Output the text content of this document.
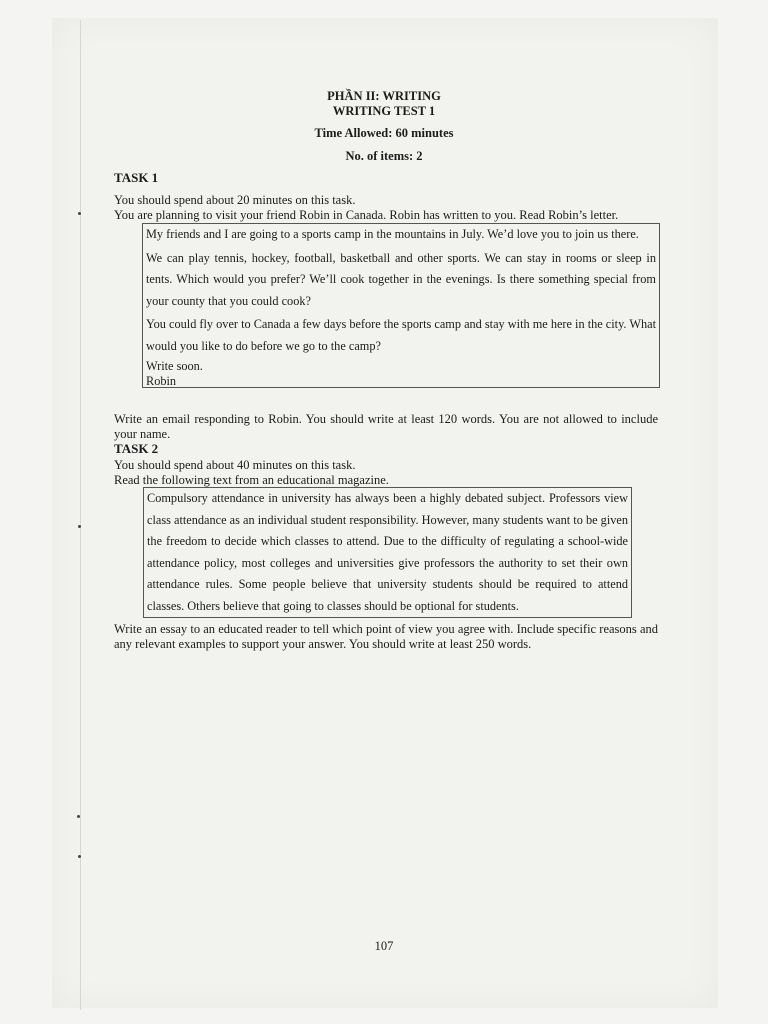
PHẦN II: WRITING
WRITING TEST 1
Time Allowed: 60 minutes
No. of items: 2
TASK 1
You should spend about 20 minutes on this task.
You are planning to visit your friend Robin in Canada. Robin has written to you. Read Robin’s letter.

My friends and I are going to a sports camp in the mountains in July. We’d love you to join us there.

We can play tennis, hockey, football, basketball and other sports. We can stay in rooms or sleep in tents. Which would you prefer? We’ll cook together in the evenings. Is there something special from your county that you could cook?

You could fly over to Canada a few days before the sports camp and stay with me here in the city. What would you like to do before we go to the camp?

Write soon.

Robin

Write an email responding to Robin. You should write at least 120 words. You are not allowed to include your name.
TASK 2
You should spend about 40 minutes on this task.
Read the following text from an educational magazine.

Compulsory attendance in university has always been a highly debated subject. Professors view class attendance as an individual student responsibility. However, many students want to be given the freedom to decide which classes to attend. Due to the difficulty of regulating a school-wide attendance policy, most colleges and universities give professors the authority to set their own attendance rules. Some people believe that university students should be required to attend classes. Others believe that going to classes should be optional for students.

Write an essay to an educated reader to tell which point of view you agree with. Include specific reasons and any relevant examples to support your answer. You should write at least 250 words.
107
